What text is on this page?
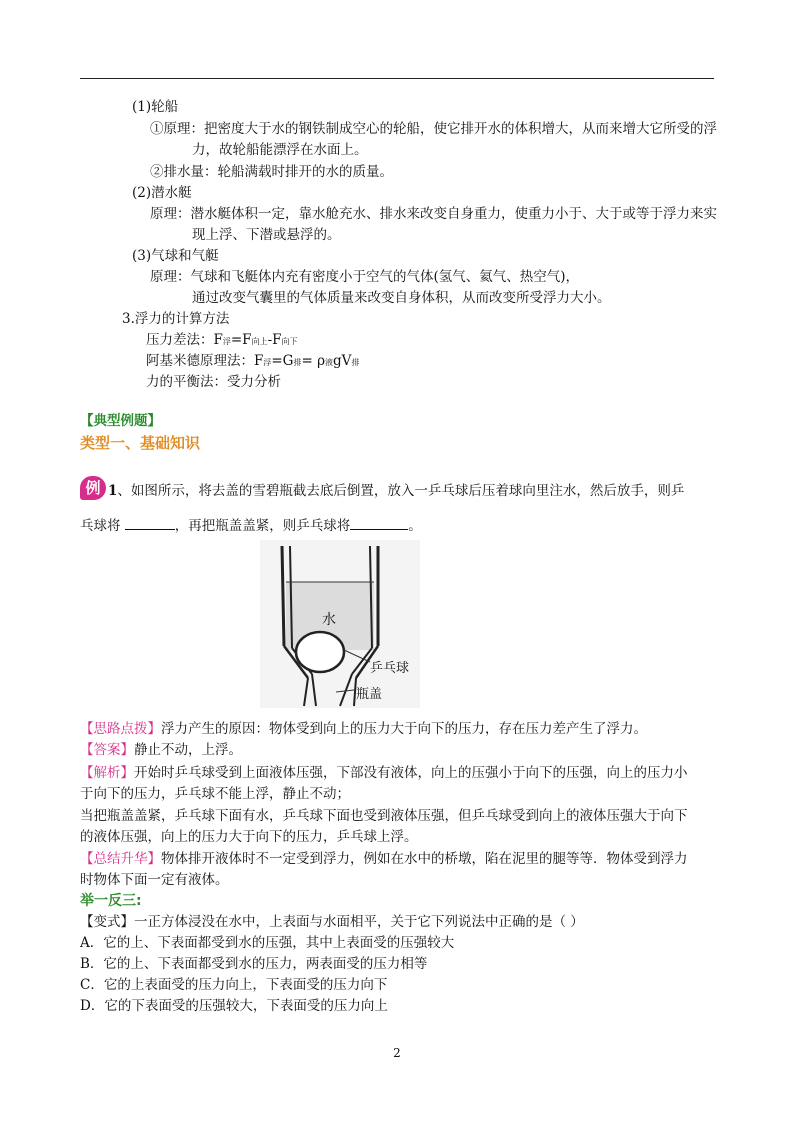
(1)轮船
①原理：把密度大于水的钢铁制成空心的轮船，使它排开水的体积增大，从而来增大它所受的浮
力，故轮船能漂浮在水面上。
②排水量：轮船满载时排开的水的质量。
(2)潜水艇
原理：潜水艇体积一定，靠水舱充水、排水来改变自身重力，使重力小于、大于或等于浮力来实
现上浮、下潜或悬浮的。
(3)气球和气艇
原理：气球和飞艇体内充有密度小于空气的气体(氢气、氦气、热空气)，
通过改变气囊里的气体质量来改变自身体积，从而改变所受浮力大小。
3.浮力的计算方法
压力差法：F浮=F向上-F向下
阿基米德原理法：F浮=G排= ρ液gV排
力的平衡法：受力分析
【典型例题】
类型一、基础知识
例 1、如图所示，将去盖的雪碧瓶截去底后倒置，放入一乒乓球后压着球向里注水，然后放手，则乒
乓球将	，再把瓶盖盖紧，则乒乓球将	。
水
乒乓球
瓶盖
【思路点拨】浮力产生的原因：物体受到向上的压力大于向下的压力，存在压力差产生了浮力。
【答案】静止不动，上浮。
【解析】开始时乒乓球受到上面液体压强，下部没有液体，向上的压强小于向下的压强，向上的压力小
于向下的压力，乒乓球不能上浮，静止不动；
当把瓶盖盖紧，乒乓球下面有水，乒乓球下面也受到液体压强，但乒乓球受到向上的液体压强大于向下
的液体压强，向上的压力大于向下的压力，乒乓球上浮。
【总结升华】物体排开液体时不一定受到浮力，例如在水中的桥墩，陷在泥里的腿等等．物体受到浮力
时物体下面一定有液体。
举一反三:
【变式】一正方体浸没在水中，上表面与水面相平，关于它下列说法中正确的是（ ）
A．它的上、下表面都受到水的压强，其中上表面受的压强较大
B．它的上、下表面都受到水的压力，两表面受的压力相等
C．它的上表面受的压力向上，下表面受的压力向下
D．它的下表面受的压强较大，下表面受的压力向上
2
